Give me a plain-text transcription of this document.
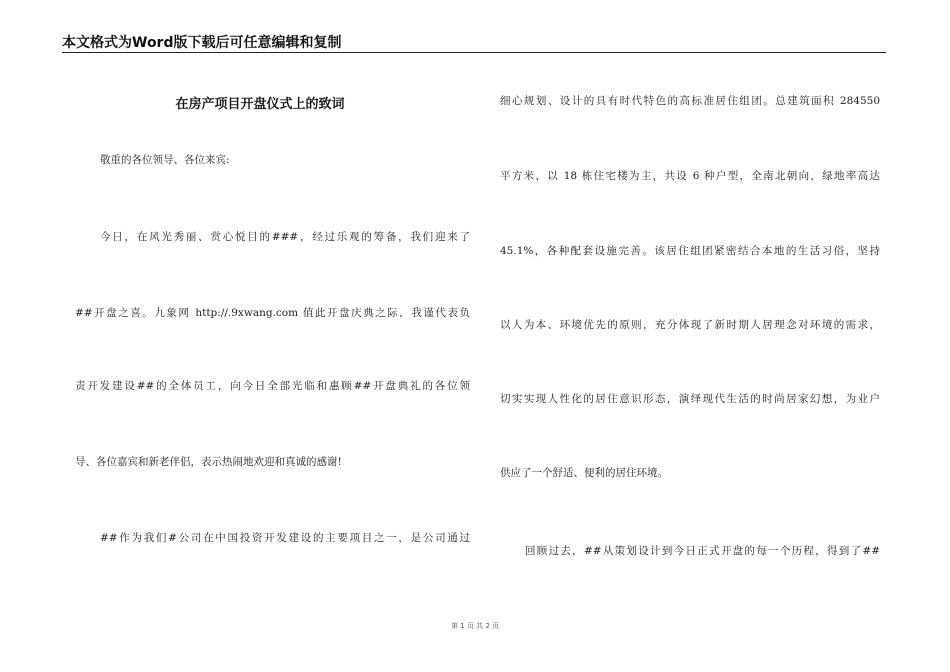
本文格式为Word版下载后可任意编辑和复制
在房产项目开盘仪式上的致词
敬重的各位领导、各位来宾:
今日，在风光秀丽、赏心悦目的###，经过乐观的筹备，我们迎来了
##开盘之喜。九象网 http://.9xwang.com 值此开盘庆典之际，我谨代表负
责开发建设##的全体员工，向今日全部光临和惠顾##开盘典礼的各位领
导、各位嘉宾和新老伴侣，表示热闹地欢迎和真诚的感谢!
##作为我们#公司在中国投资开发建设的主要项目之一，是公司通过
细心规划、设计的具有时代特色的高标准居住组团。总建筑面积 284550
平方米，以 18 栋住宅楼为主，共设 6 种户型，全南北朝向，绿地率高达
45.1%，各种配套设施完善。该居住组团紧密结合本地的生活习俗，坚持
以人为本、环境优先的原则，充分体现了新时期人居理念对环境的需求，
切实实现人性化的居住意识形态，演绎现代生活的时尚居家幻想，为业户
供应了一个舒适、便利的居住环境。
回顾过去，##从策划设计到今日正式开盘的每一个历程，得到了##
第 1 页 共 2 页
